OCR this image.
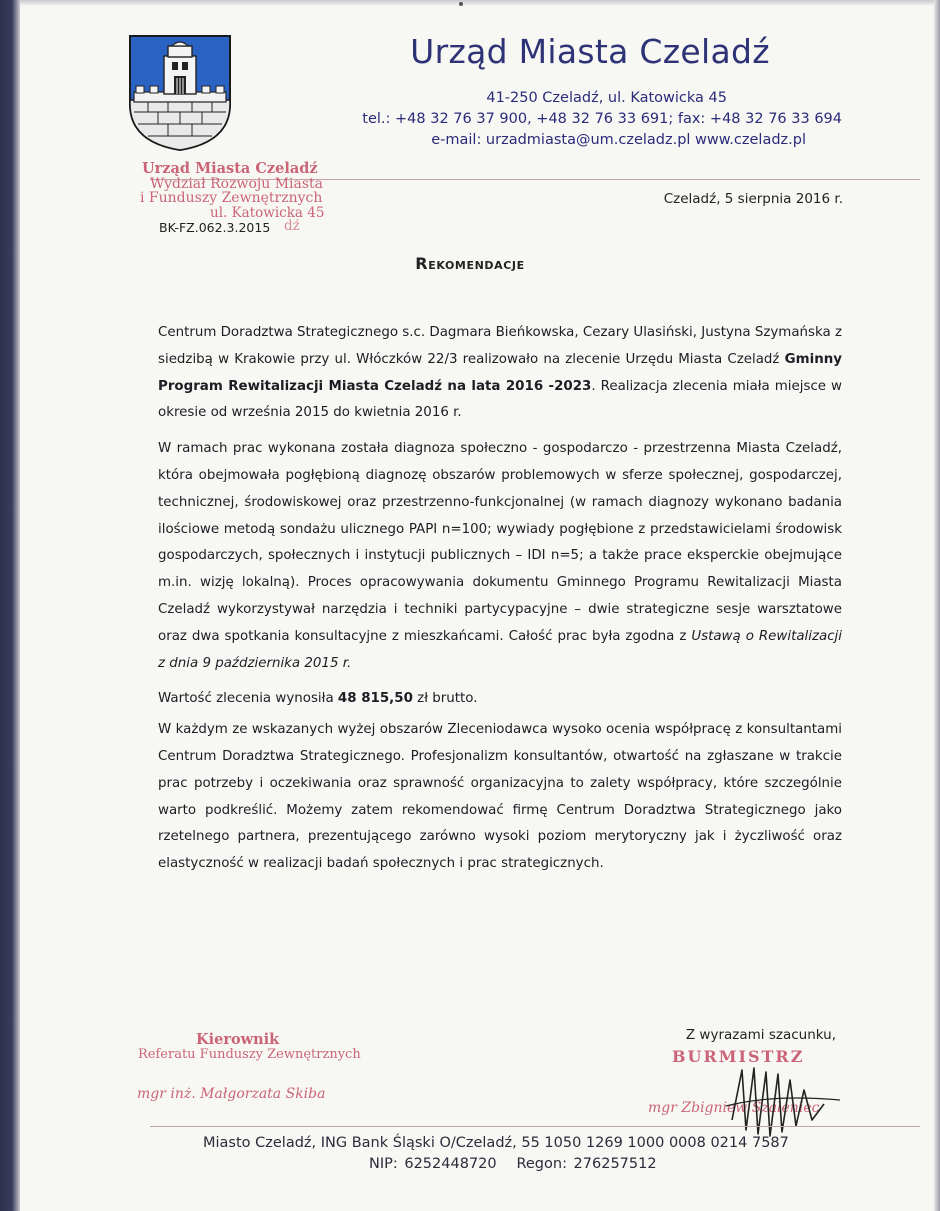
Urząd Miasta Czeladź
41-250 Czeladź, ul. Katowicka 45
tel.: +48 32 76 37 900, +48 32 76 33 691; fax: +48 32 76 33 694
e-mail: urzadmiasta@um.czeladz.pl www.czeladz.pl
Urząd Miasta Czeladź
Wydział Rozwoju Miasta
i Funduszy Zewnętrznych
ul. Katowicka 45
dź
BK-FZ.062.3.2015
Czeladź, 5 sierpnia 2016 r.
Rekomendacje

Centrum Doradztwa Strategicznego s.c. Dagmara Bieńkowska, Cezary Ulasiński, Justyna Szymańska z siedzibą w Krakowie przy ul. Włóczków 22/3 realizowało na zlecenie Urzędu Miasta Czeladź Gminny Program Rewitalizacji Miasta Czeladź na lata 2016 -2023. Realizacja zlecenia miała miejsce w okresie od września 2015 do kwietnia 2016 r.

W ramach prac wykonana została diagnoza społeczno - gospodarczo - przestrzenna Miasta Czeladź, która obejmowała pogłębioną diagnozę obszarów problemowych w sferze społecznej, gospodarczej, technicznej, środowiskowej oraz przestrzenno-funkcjonalnej (w ramach diagnozy wykonano badania ilościowe metodą sondażu ulicznego PAPI n=100; wywiady pogłębione z przedstawicielami środowisk gospodarczych, społecznych i instytucji publicznych – IDI n=5; a także prace eksperckie obejmujące m.in. wizję lokalną). Proces opracowywania dokumentu Gminnego Programu Rewitalizacji Miasta Czeladź wykorzystywał narzędzia i techniki partycypacyjne – dwie strategiczne sesje warsztatowe oraz dwa spotkania konsultacyjne z mieszkańcami. Całość prac była zgodna z Ustawą o Rewitalizacji z dnia 9 października 2015 r.

Wartość zlecenia wynosiła 48 815,50 zł brutto.

W każdym ze wskazanych wyżej obszarów Zleceniodawca wysoko ocenia współpracę z konsultantami Centrum Doradztwa Strategicznego. Profesjonalizm konsultantów, otwartość na zgłaszane w trakcie prac potrzeby i oczekiwania oraz sprawność organizacyjna to zalety współpracy, które szczególnie warto podkreślić. Możemy zatem rekomendować firmę Centrum Doradztwa Strategicznego jako rzetelnego partnera, prezentującego zarówno wysoki poziom merytoryczny jak i życzliwość oraz elastyczność w realizacji badań społecznych i prac strategicznych.

Z wyrazami szacunku,
Kierownik
Referatu Funduszy Zewnętrznych
mgr inż. Małgorzata Skiba
BURMISTRZ
mgr Zbigniew Szaleniec
Miasto Czeladź, ING Bank Śląski O/Czeladź, 55 1050 1269 1000 0008 0214 7587
NIP: 6252448720 Regon: 276257512
